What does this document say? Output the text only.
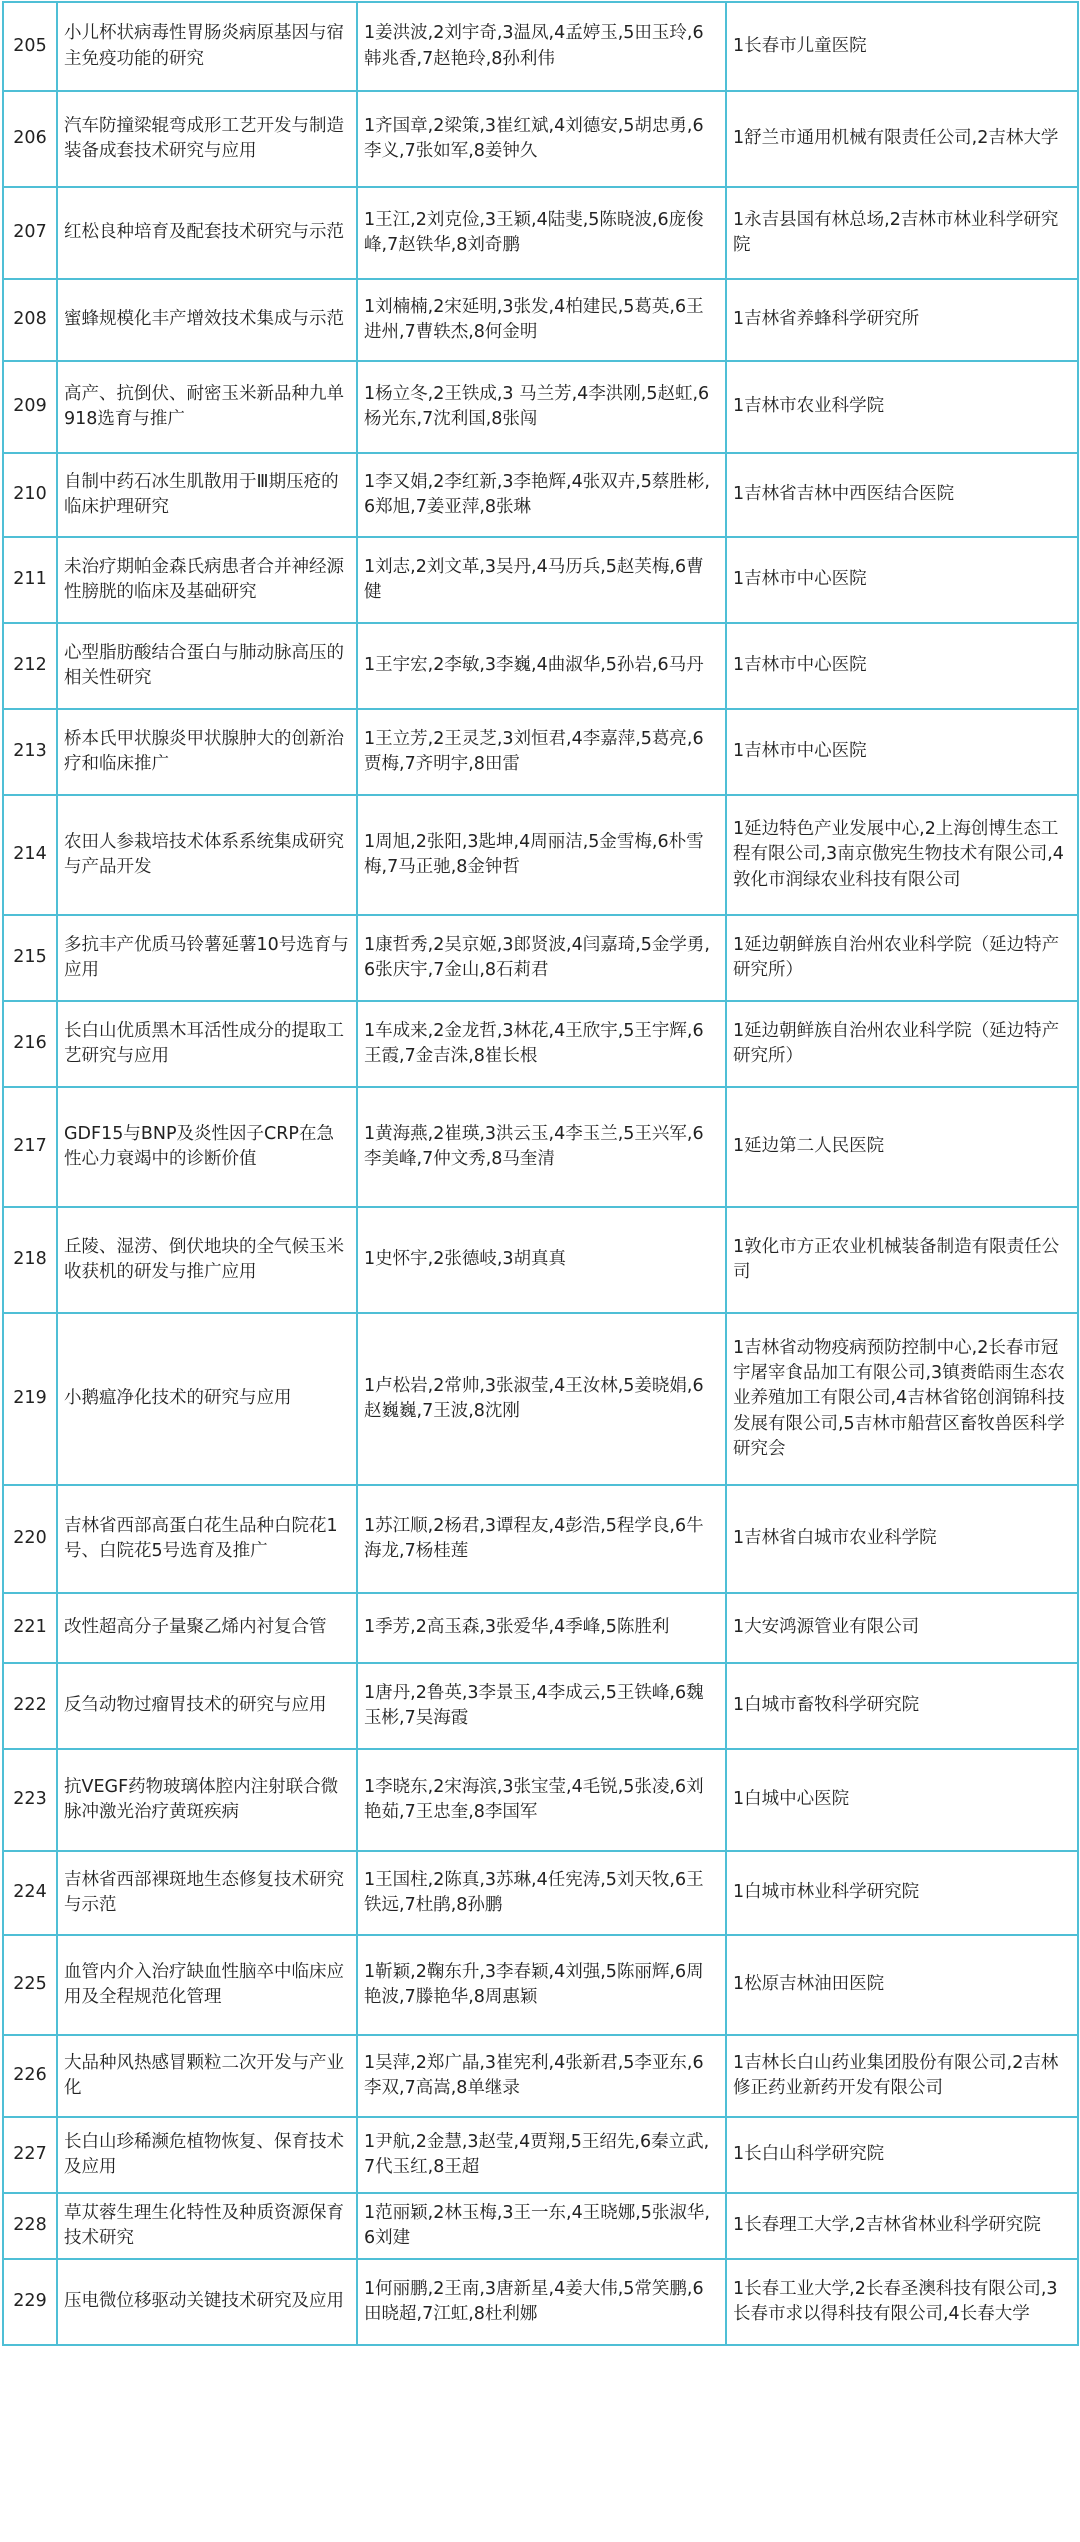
205	小儿杯状病毒性胃肠炎病原基因与宿主免疫功能的研究	1姜洪波,2刘宇奇,3温凤,4孟婷玉,5田玉玲,6韩兆香,7赵艳玲,8孙利伟	1长春市儿童医院
206	汽车防撞梁辊弯成形工艺开发与制造装备成套技术研究与应用	1齐国章,2梁策,3崔红斌,4刘德安,5胡忠勇,6李义,7张如军,8姜钟久	1舒兰市通用机械有限责任公司,2吉林大学
207	红松良种培育及配套技术研究与示范	1王江,2刘克俭,3王颖,4陆斐,5陈晓波,6庞俊峰,7赵铁华,8刘奇鹏	1永吉县国有林总场,2吉林市林业科学研究院
208	蜜蜂规模化丰产增效技术集成与示范	1刘楠楠,2宋延明,3张发,4柏建民,5葛英,6王进州,7曹轶杰,8何金明	1吉林省养蜂科学研究所
209	高产、抗倒伏、耐密玉米新品种九单918选育与推广	1杨立冬,2王铁成,3 马兰芳,4李洪刚,5赵虹,6杨光东,7沈利国,8张闯	1吉林市农业科学院
210	自制中药石冰生肌散用于Ⅲ期压疮的临床护理研究	1李又娟,2李红新,3李艳辉,4张双卉,5蔡胜彬,6郑旭,7姜亚萍,8张琳	1吉林省吉林中西医结合医院
211	未治疗期帕金森氏病患者合并神经源性膀胱的临床及基础研究	1刘志,2刘文革,3吴丹,4马历兵,5赵芙梅,6曹健	1吉林市中心医院
212	心型脂肪酸结合蛋白与肺动脉高压的相关性研究	1王宇宏,2李敏,3李巍,4曲淑华,5孙岩,6马丹	1吉林市中心医院
213	桥本氏甲状腺炎甲状腺肿大的创新治疗和临床推广	1王立芳,2王灵芝,3刘恒君,4李嘉萍,5葛亮,6贾梅,7齐明宇,8田雷	1吉林市中心医院
214	农田人参栽培技术体系系统集成研究与产品开发	1周旭,2张阳,3匙坤,4周丽洁,5金雪梅,6朴雪梅,7马正驰,8金钟哲	1延边特色产业发展中心,2上海创博生态工程有限公司,3南京傲宪生物技术有限公司,4敦化市润绿农业科技有限公司
215	多抗丰产优质马铃薯延薯10号选育与应用	1康哲秀,2吴京姬,3郎贤波,4闫嘉琦,5金学勇,6张庆宇,7金山,8石莉君	1延边朝鲜族自治州农业科学院（延边特产研究所）
216	长白山优质黑木耳活性成分的提取工艺研究与应用	1车成来,2金龙哲,3林花,4王欣宇,5王宇辉,6王霞,7金吉洙,8崔长根	1延边朝鲜族自治州农业科学院（延边特产研究所）
217	GDF15与BNP及炎性因子CRP在急性心力衰竭中的诊断价值	1黄海燕,2崔瑛,3洪云玉,4李玉兰,5王兴军,6李美峰,7仲文秀,8马奎清	1延边第二人民医院
218	丘陵、湿涝、倒伏地块的全气候玉米收获机的研发与推广应用	1史怀宇,2张德岐,3胡真真	1敦化市方正农业机械装备制造有限责任公司
219	小鹅瘟净化技术的研究与应用	1卢松岩,2常帅,3张淑莹,4王汝林,5姜晓娟,6赵巍巍,7王波,8沈刚	1吉林省动物疫病预防控制中心,2长春市冠宇屠宰食品加工有限公司,3镇赉皓雨生态农业养殖加工有限公司,4吉林省铭创润锦科技发展有限公司,5吉林市船营区畜牧兽医科学研究会
220	吉林省西部高蛋白花生品种白院花1号、白院花5号选育及推广	1苏江顺,2杨君,3谭程友,4彭浩,5程学良,6牛海龙,7杨桂莲	1吉林省白城市农业科学院
221	改性超高分子量聚乙烯内衬复合管	1季芳,2高玉森,3张爱华,4季峰,5陈胜利	1大安鸿源管业有限公司
222	反刍动物过瘤胃技术的研究与应用	1唐丹,2鲁英,3李景玉,4李成云,5王铁峰,6魏玉彬,7吴海霞	1白城市畜牧科学研究院
223	抗VEGF药物玻璃体腔内注射联合微脉冲激光治疗黄斑疾病	1李晓东,2宋海滨,3张宝莹,4毛锐,5张凌,6刘艳茹,7王忠奎,8李国军	1白城中心医院
224	吉林省西部裸斑地生态修复技术研究与示范	1王国柱,2陈真,3苏琳,4任宪涛,5刘天牧,6王铁远,7杜鹃,8孙鹏	1白城市林业科学研究院
225	血管内介入治疗缺血性脑卒中临床应用及全程规范化管理	1靳颖,2鞠东升,3李春颖,4刘强,5陈丽辉,6周艳波,7滕艳华,8周惠颖	1松原吉林油田医院
226	大品种风热感冒颗粒二次开发与产业化	1吴萍,2郑广晶,3崔宪利,4张新君,5李亚东,6李双,7高嵩,8单继录	1吉林长白山药业集团股份有限公司,2吉林修正药业新药开发有限公司
227	长白山珍稀濒危植物恢复、保育技术及应用	1尹航,2金慧,3赵莹,4贾翔,5王绍先,6秦立武,7代玉红,8王超	1长白山科学研究院
228	草苁蓉生理生化特性及种质资源保育技术研究	1范丽颖,2林玉梅,3王一东,4王晓娜,5张淑华,6刘建	1长春理工大学,2吉林省林业科学研究院
229	压电微位移驱动关键技术研究及应用	1何丽鹏,2王南,3唐新星,4姜大伟,5常笑鹏,6田晓超,7江虹,8杜利娜	1长春工业大学,2长春圣澳科技有限公司,3长春市求以得科技有限公司,4长春大学
